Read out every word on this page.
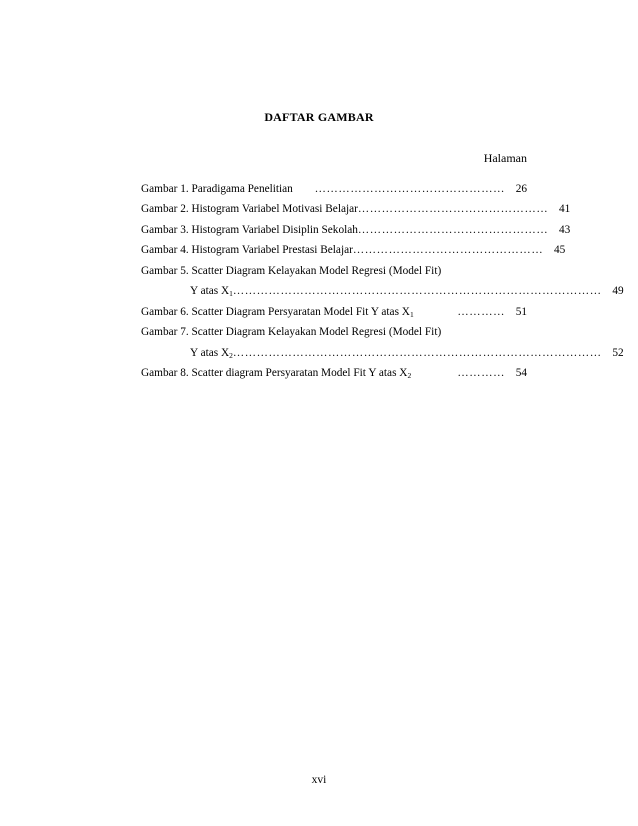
DAFTAR GAMBAR
Halaman
Gambar 1. Paradigama Penelitian ………………………………………… 26
Gambar 2. Histogram Variabel Motivasi Belajar ………………………………………… 41
Gambar 3. Histogram Variabel Disiplin Sekolah ………………………………………… 43
Gambar 4. Histogram Variabel Prestasi Belajar ………………………………………… 45
Gambar 5. Scatter Diagram Kelayakan Model Regresi (Model Fit)
Y atas $X_1$ ………………………………………………………………………………… 49
Gambar 6. Scatter Diagram Persyaratan Model Fit Y atas $X_1$	………… 51
Gambar 7. Scatter Diagram Kelayakan Model Regresi (Model Fit)
Y atas $X_2$ ………………………………………………………………………………… 52
Gambar 8. Scatter diagram Persyaratan Model Fit Y atas $X_2$	………… 54
xvi
